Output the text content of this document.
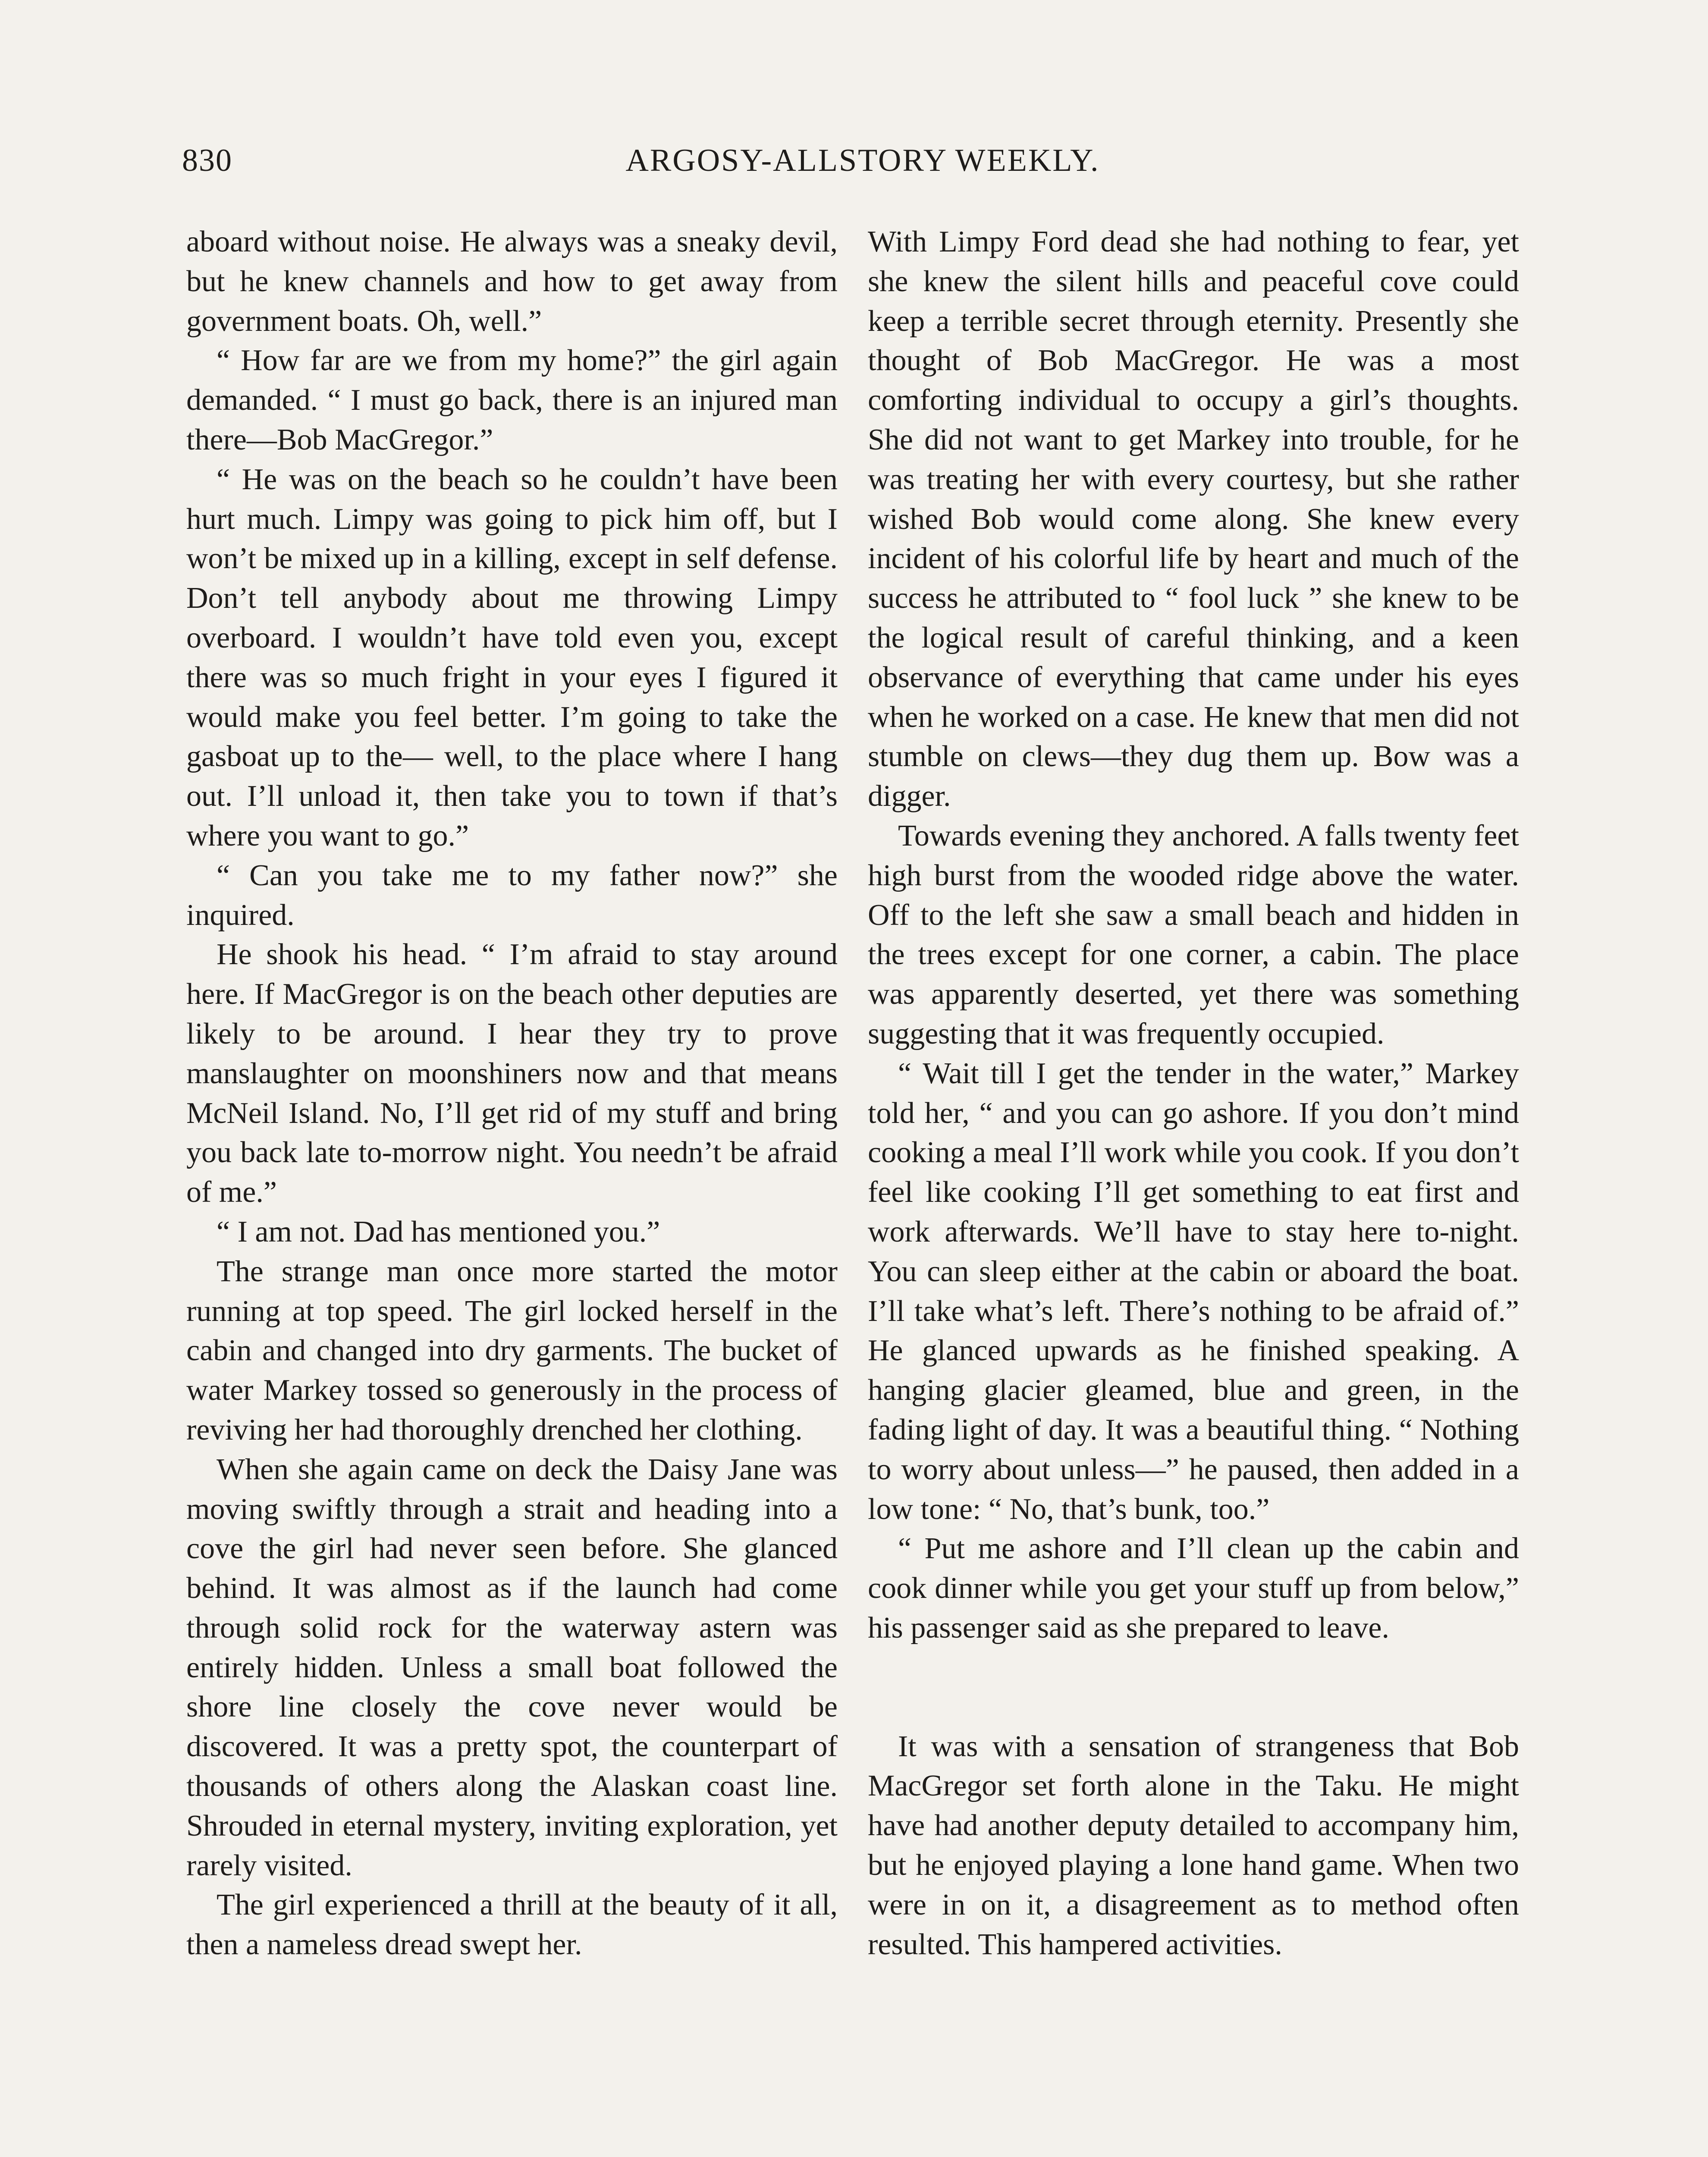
830	ARGOSY-ALLSTORY WEEKLY.

aboard without noise. He always was a sneaky devil, but he knew channels and how to get away from government boats. Oh, well.”

“ How far are we from my home?” the girl again demanded. “ I must go back, there is an injured man there—Bob MacGregor.”

“ He was on the beach so he couldn’t have been hurt much. Limpy was going to pick him off, but I won’t be mixed up in a killing, except in self defense. Don’t tell anybody about me throwing Limpy overboard. I wouldn’t have told even you, except there was so much fright in your eyes I figured it would make you feel better. I’m going to take the gasboat up to the— well, to the place where I hang out. I’ll unload it, then take you to town if that’s where you want to go.”

“ Can you take me to my father now?” she inquired.

He shook his head. “ I’m afraid to stay around here. If MacGregor is on the beach other deputies are likely to be around. I hear they try to prove manslaughter on moonshiners now and that means McNeil Island. No, I’ll get rid of my stuff and bring you back late to-morrow night. You needn’t be afraid of me.”

“ I am not. Dad has mentioned you.”

The strange man once more started the motor running at top speed. The girl locked herself in the cabin and changed into dry garments. The bucket of water Markey tossed so generously in the process of reviving her had thoroughly drenched her clothing.

When she again came on deck the Daisy Jane was moving swiftly through a strait and heading into a cove the girl had never seen before. She glanced behind. It was almost as if the launch had come through solid rock for the waterway astern was entirely hidden. Unless a small boat followed the shore line closely the cove never would be discovered. It was a pretty spot, the counterpart of thousands of others along the Alaskan coast line. Shrouded in eternal mystery, inviting exploration, yet rarely visited.

The girl experienced a thrill at the beauty of it all, then a nameless dread swept her.

With Limpy Ford dead she had nothing to fear, yet she knew the silent hills and peaceful cove could keep a terrible secret through eternity. Presently she thought of Bob MacGregor. He was a most comforting individual to occupy a girl’s thoughts. She did not want to get Markey into trouble, for he was treating her with every courtesy, but she rather wished Bob would come along. She knew every incident of his colorful life by heart and much of the success he attributed to “ fool luck ” she knew to be the logical result of careful thinking, and a keen observance of everything that came under his eyes when he worked on a case. He knew that men did not stumble on clews—they dug them up. Bow was a digger.

Towards evening they anchored. A falls twenty feet high burst from the wooded ridge above the water. Off to the left she saw a small beach and hidden in the trees except for one corner, a cabin. The place was apparently deserted, yet there was something suggesting that it was frequently occupied.

“ Wait till I get the tender in the water,” Markey told her, “ and you can go ashore. If you don’t mind cooking a meal I’ll work while you cook. If you don’t feel like cooking I’ll get something to eat first and work afterwards. We’ll have to stay here to-night. You can sleep either at the cabin or aboard the boat. I’ll take what’s left. There’s nothing to be afraid of.” He glanced upwards as he finished speaking. A hanging glacier gleamed, blue and green, in the fading light of day. It was a beautiful thing. “ Nothing to worry about unless—” he paused, then added in a low tone: “ No, that’s bunk, too.”

“ Put me ashore and I’ll clean up the cabin and cook dinner while you get your stuff up from below,” his passenger said as she prepared to leave.

It was with a sensation of strangeness that Bob MacGregor set forth alone in the Taku. He might have had another deputy detailed to accompany him, but he enjoyed playing a lone hand game. When two were in on it, a disagreement as to method often resulted. This hampered activities.
